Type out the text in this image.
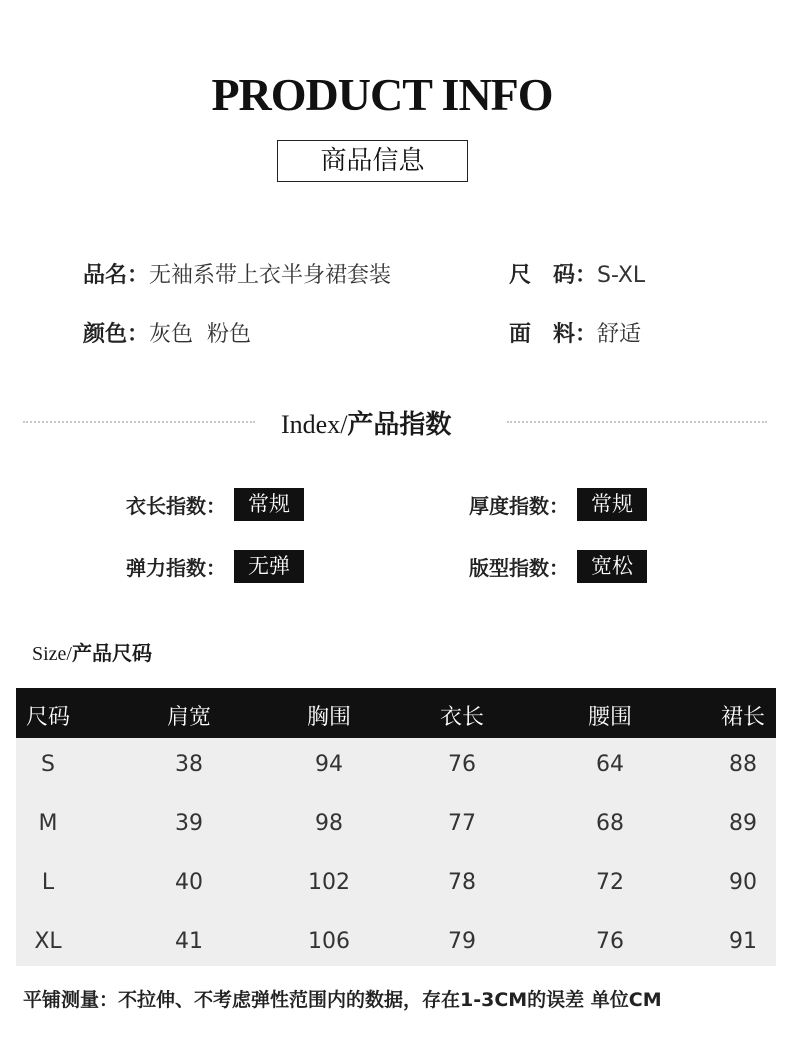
PRODUCT INFO
商品信息
品名：无袖系带上衣半身裙套装	尺　码：S-XL
颜色：灰色  粉色	面　料：舒适
Index/产品指数
衣长指数：	常规	厚度指数：	常规
弹力指数：	无弹	版型指数：	宽松
Size/产品尺码
尺码	肩宽	胸围	衣长	腰围	裙长
S	38	94	76	64	88
M	39	98	77	68	89
L	40	102	78	72	90
XL	41	106	79	76	91
平铺测量：不拉伸、不考虑弹性范围内的数据，存在1-3CM的误差 单位CM
